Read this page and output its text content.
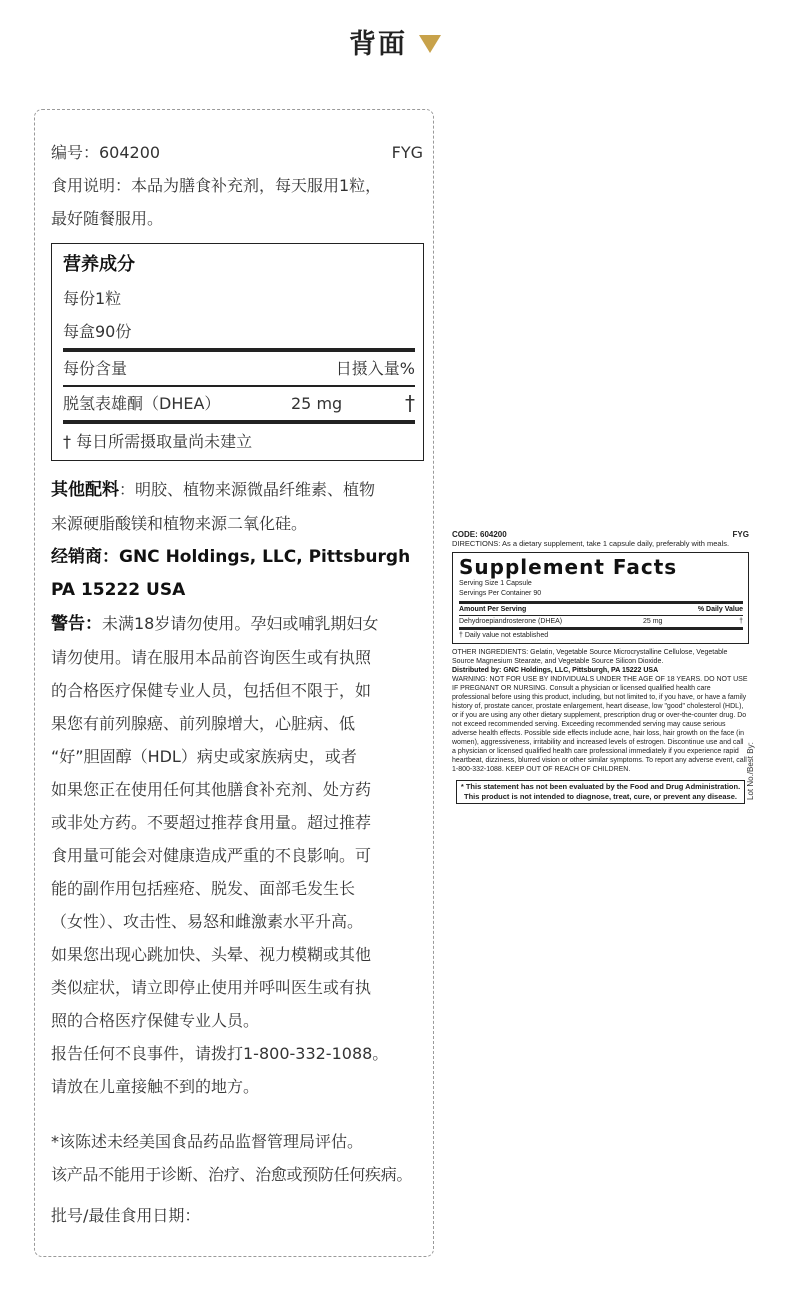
背面
编号：604200	FYG
食用说明：本品为膳食补充剂，每天服用1粒，
最好随餐服用。
营养成分
每份1粒
每盒90份
每份含量	日摄入量%
脱氢表雄酮（DHEA）	25 mg	†
† 每日所需摄取量尚未建立
其他配料：明胶、植物来源微晶纤维素、植物
来源硬脂酸镁和植物来源二氧化硅。
经销商：GNC Holdings, LLC, Pittsburgh
PA 15222 USA
警告：未满18岁请勿使用。孕妇或哺乳期妇女
请勿使用。请在服用本品前咨询医生或有执照
的合格医疗保健专业人员，包括但不限于，如
果您有前列腺癌、前列腺增大，心脏病、低
“好”胆固醇（HDL）病史或家族病史，或者
如果您正在使用任何其他膳食补充剂、处方药
或非处方药。不要超过推荐食用量。超过推荐
食用量可能会对健康造成严重的不良影响。可
能的副作用包括痤疮、脱发、面部毛发生长
（女性）、攻击性、易怒和雌激素水平升高。
如果您出现心跳加快、头晕、视力模糊或其他
类似症状，请立即停止使用并呼叫医生或有执
照的合格医疗保健专业人员。
报告任何不良事件，请拨打1-800-332-1088。
请放在儿童接触不到的地方。
*该陈述未经美国食品药品监督管理局评估。
该产品不能用于诊断、治疗、治愈或预防任何疾病。
批号/最佳食用日期：
CODE: 604200	FYG
DIRECTIONS: As a dietary supplement, take 1 capsule daily, preferably with meals.
Supplement Facts
Serving Size 1 Capsule
Servings Per Container 90
Amount Per Serving	% Daily Value
Dehydroepiandrosterone (DHEA)	25 mg	†
† Daily value not established
OTHER INGREDIENTS: Gelatin, Vegetable Source Microcrystalline Cellulose, Vegetable Source Magnesium Stearate, and Vegetable Source Silicon Dioxide.
Distributed by: GNC Holdings, LLC, Pittsburgh, PA 15222 USA
WARNING: NOT FOR USE BY INDIVIDUALS UNDER THE AGE OF 18 YEARS. DO NOT USE IF PREGNANT OR NURSING. Consult a physician or licensed qualified health care professional before using this product, including, but not limited to, if you have, or have a family history of, prostate cancer, prostate enlargement, heart disease, low "good" cholesterol (HDL), or if you are using any other dietary supplement, prescription drug or over-the-counter drug. Do not exceed recommended serving. Exceeding recommended serving may cause serious adverse health effects. Possible side effects include acne, hair loss, hair growth on the face (in women), aggressiveness, irritability and increased levels of estrogen. Discontinue use and call a physician or licensed qualified health care professional immediately if you experience rapid heartbeat, dizziness, blurred vision or other similar symptoms. To report any adverse event, call 1-800-332-1088. KEEP OUT OF REACH OF CHILDREN.
* This statement has not been evaluated by the Food and Drug Administration.
This product is not intended to diagnose, treat, cure, or prevent any disease.	Lot No./Best By:
